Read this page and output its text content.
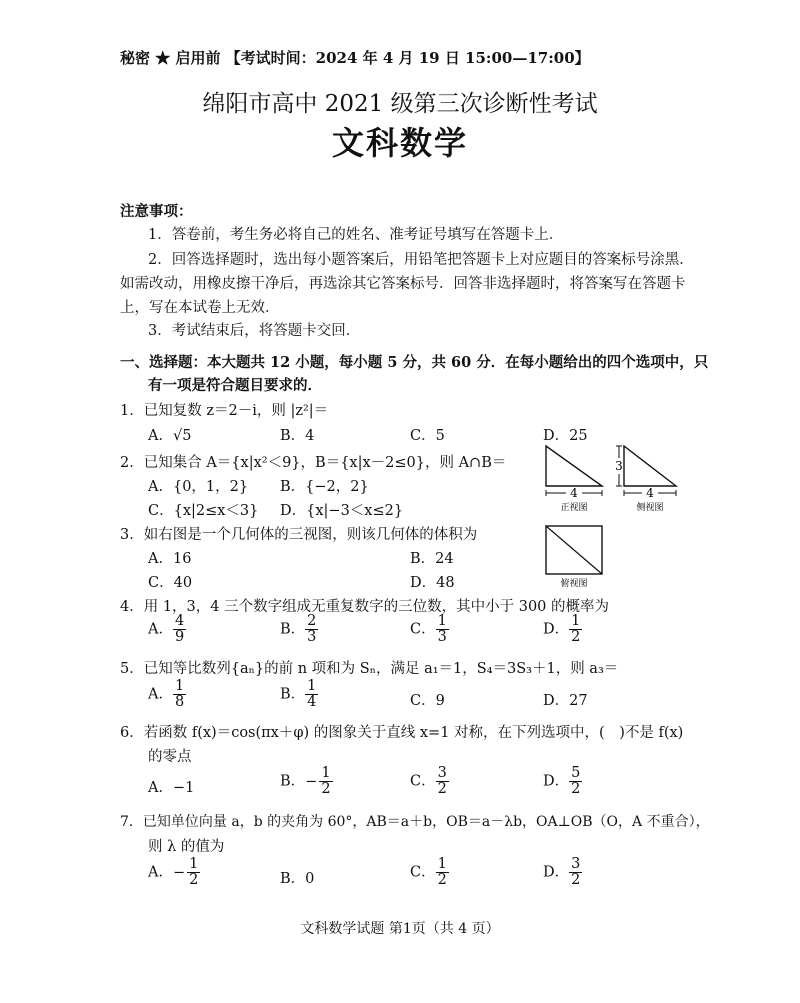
秘密 ★ 启用前 【考试时间：2024 年 4 月 19 日 15:00—17:00】
绵阳市高中 2021 级第三次诊断性考试
文科数学
注意事项：
1．答卷前，考生务必将自己的姓名、准考证号填写在答题卡上．
2．回答选择题时，选出每小题答案后，用铅笔把答题卡上对应题目的答案标号涂黑．
如需改动，用橡皮擦干净后，再选涂其它答案标号．回答非选择题时，将答案写在答题卡
上，写在本试卷上无效．
3．考试结束后，将答题卡交回．
一、选择题：本大题共 12 小题，每小题 5 分，共 60 分．在每小题给出的四个选项中，只
有一项是符合题目要求的．
1．已知复数 z＝2－i，则 |z²|＝
A．√5	B．4	C．5	D．25
2．已知集合 A＝{x|x²＜9}，B＝{x|x－2≤0}，则 A∩B＝
A．{0，1，2} B．{−2，2}
C．{x|2≤x＜3} D．{x|−3＜x≤2}
4
正视图
3
4
侧视图
俯视图
3．如右图是一个几何体的三视图，则该几何体的体积为
A．16	B．24
C．40	D．48
4．用 1，3，4 三个数字组成无重复数字的三位数，其中小于 300 的概率为
A． $\frac{4}{9}$	B． $\frac{2}{3}$	C． $\frac{1}{3}$	D． $\frac{1}{2}$
5．已知等比数列{aₙ}的前 n 项和为 Sₙ，满足 a₁＝1，S₄＝3S₃＋1，则 a₃＝
A． $\frac{1}{8}$	B． $\frac{1}{4}$	C．9	D．27
6．若函数 f(x)＝cos(πx＋φ) 的图象关于直线 x=1 对称，在下列选项中，(　)不是 f(x)
的零点
A．−1	B．− $\frac{1}{2}$	C． $\frac{3}{2}$	D． $\frac{5}{2}$
7．已知单位向量 a，b 的夹角为 60°，AB＝a＋b，OB＝a－λb，OA⊥OB（O，A 不重合），
则 λ 的值为
A．− $\frac{1}{2}$	B．0	C． $\frac{1}{2}$	D． $\frac{3}{2}$
文科数学试题 第1页（共 4 页）
